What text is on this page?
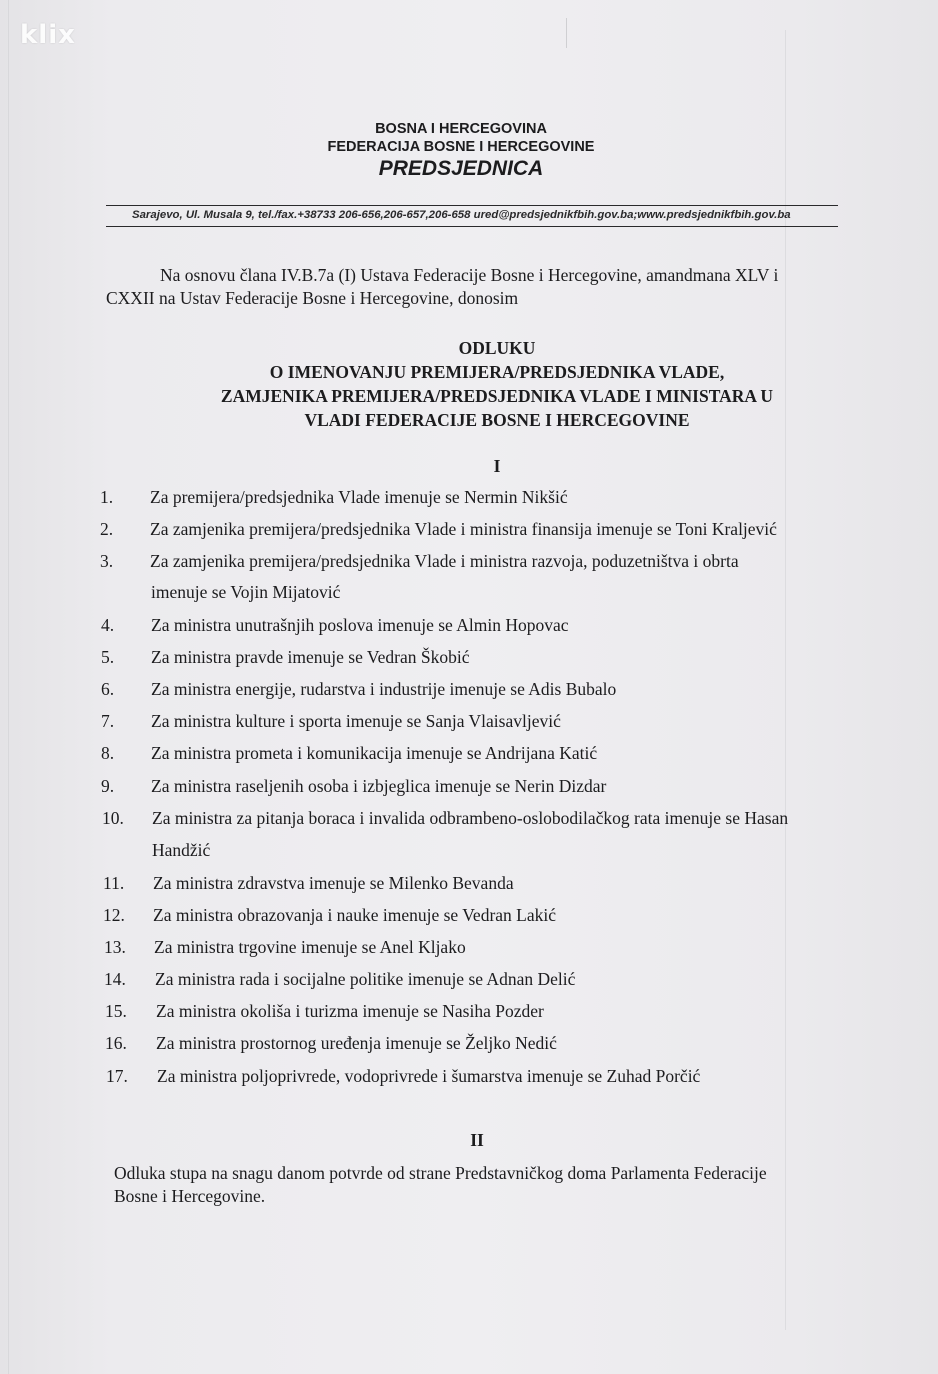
klix
BOSNA I HERCEGOVINA
FEDERACIJA BOSNE I HERCEGOVINE
PREDSJEDNICA
Sarajevo, Ul. Musala 9, tel./fax.+38733 206-656,206-657,206-658 ured@predsjednikfbih.gov.ba;www.predsjednikfbih.gov.ba
Na osnovu člana IV.B.7a (I) Ustava Federacije Bosne i Hercegovine, amandmana XLV i
CXXII na Ustav Federacije Bosne i Hercegovine, donosim
ODLUKU
O IMENOVANJU PREMIJERA/PREDSJEDNIKA VLADE,
ZAMJENIKA PREMIJERA/PREDSJEDNIKA VLADE I MINISTARA U
VLADI FEDERACIJE BOSNE I HERCEGOVINE
I
1. Za premijera/predsjednika Vlade imenuje se Nermin Nikšić
2. Za zamjenika premijera/predsjednika Vlade i ministra finansija imenuje se Toni Kraljević
3. Za zamjenika premijera/predsjednika Vlade i ministra razvoja, poduzetništva i obrta
imenuje se Vojin Mijatović
4. Za ministra unutrašnjih poslova imenuje se Almin Hopovac
5. Za ministra pravde imenuje se Vedran Škobić
6. Za ministra energije, rudarstva i industrije imenuje se Adis Bubalo
7. Za ministra kulture i sporta imenuje se Sanja Vlaisavljević
8. Za ministra prometa i komunikacija imenuje se Andrijana Katić
9. Za ministra raseljenih osoba i izbjeglica imenuje se Nerin Dizdar
10. Za ministra za pitanja boraca i invalida odbrambeno-oslobodilačkog rata imenuje se Hasan
Handžić
11. Za ministra zdravstva imenuje se Milenko Bevanda
12. Za ministra obrazovanja i nauke imenuje se Vedran Lakić
13. Za ministra trgovine imenuje se Anel Kljako
14. Za ministra rada i socijalne politike imenuje se Adnan Delić
15. Za ministra okoliša i turizma imenuje se Nasiha Pozder
16. Za ministra prostornog uređenja imenuje se Željko Nedić
17. Za ministra poljoprivrede, vodoprivrede i šumarstva imenuje se Zuhad Porčić
II
Odluka stupa na snagu danom potvrde od strane Predstavničkog doma Parlamenta Federacije
Bosne i Hercegovine.
